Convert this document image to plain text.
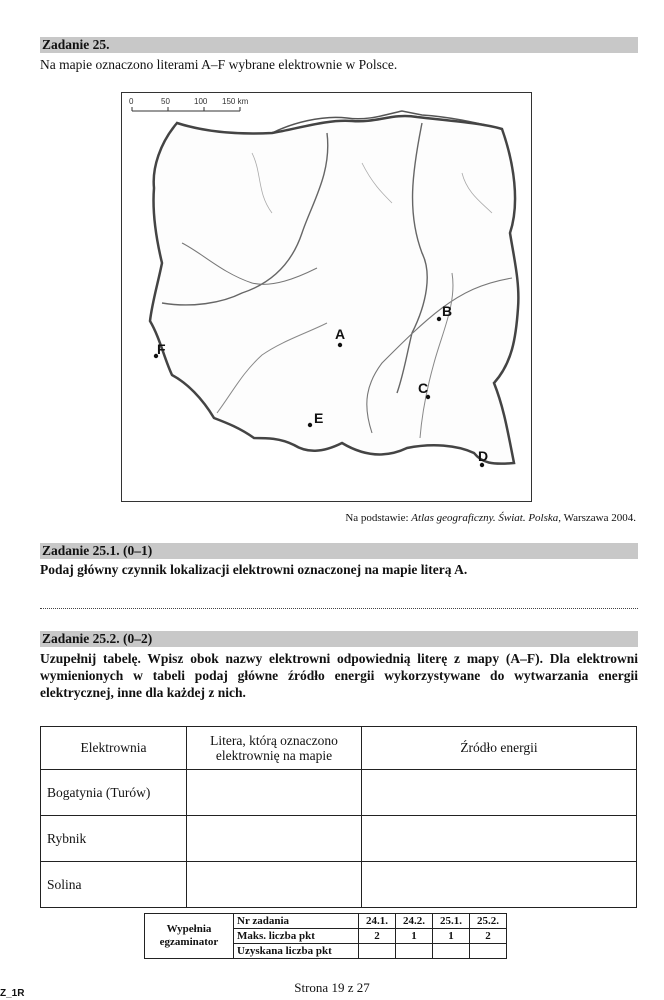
Zadanie 25.
Na mapie oznaczono literami A–F wybrane elektrownie w Polsce.
0	50	100 150 km
A
B
C
D
E
F
Na podstawie: Atlas geograficzny. Świat. Polska, Warszawa 2004.
Zadanie 25.1. (0–1)
Podaj główny czynnik lokalizacji elektrowni oznaczonej na mapie literą A.
Zadanie 25.2. (0–2)
Uzupełnij tabelę. Wpisz obok nazwy elektrowni odpowiednią literę z mapy (A–F). Dla elektrowni wymienionych w tabeli podaj główne źródło energii wykorzystywane do wytwarzania energii elektrycznej, inne dla każdej z nich.
Elektrownia	Litera, którą oznaczono elektrownię na mapie	Źródło energii
Bogatynia (Turów)		
Rybnik		
Solina		
Wypełnia egzaminator	Nr zadania	24.1.	24.2.	25.1.	25.2.
	Maks. liczba pkt	2	1	1	2
	Uzyskana liczba pkt				
Z_1R	Strona 19 z 27
